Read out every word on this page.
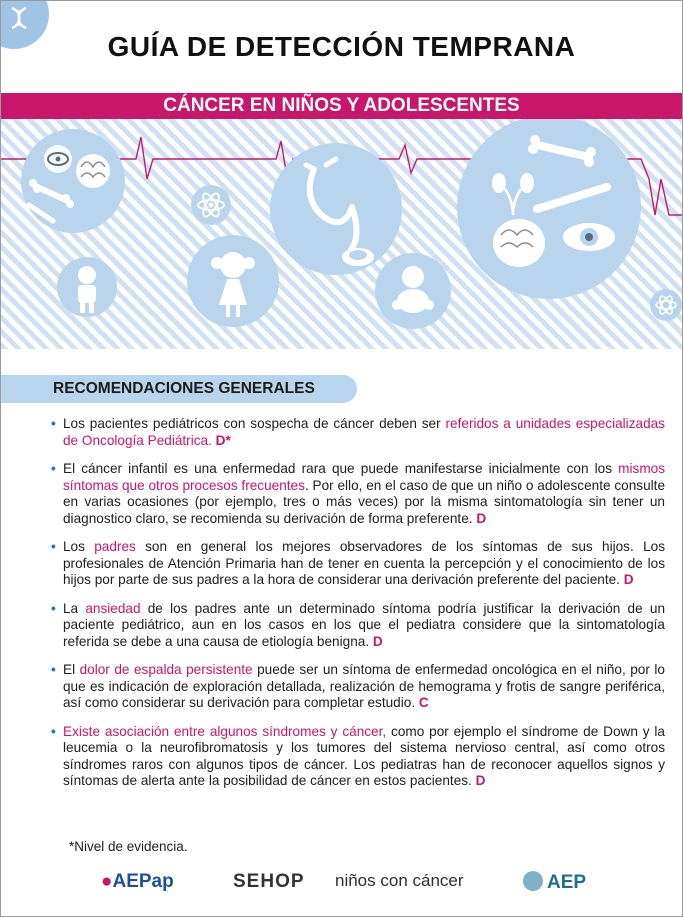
GUÍA DE DETECCIÓN TEMPRANA
CÁNCER EN NIÑOS Y ADOLESCENTES
RECOMENDACIONES GENERALES
• Los pacientes pediátricos con sospecha de cáncer deben ser referidos a unidades especializadas de Oncología Pediátrica. D*
• El cáncer infantil es una enfermedad rara que puede manifestarse inicialmente con los mismos síntomas que otros procesos frecuentes. Por ello, en el caso de que un niño o adolescente consulte en varias ocasiones (por ejemplo, tres o más veces) por la misma sintomatología sin tener un diagnostico claro, se recomienda su derivación de forma preferente. D
• Los padres son en general los mejores observadores de los síntomas de sus hijos. Los profesionales de Atención Primaria han de tener en cuenta la percepción y el conocimiento de los hijos por parte de sus padres a la hora de considerar una derivación preferente del paciente. D
• La ansiedad de los padres ante un determinado síntoma podría justificar la derivación de un paciente pediátrico, aun en los casos en los que el pediatra considere que la sintomatología referida se debe a una causa de etiología benigna. D
• El dolor de espalda persistente puede ser un síntoma de enfermedad oncológica en el niño, por lo que es indicación de exploración detallada, realización de hemograma y frotis de sangre periférica, así como considerar su derivación para completar estudio. C
• Existe asociación entre algunos síndromes y cáncer, como por ejemplo el síndrome de Down y la leucemia o la neurofibromatosis y los tumores del sistema nervioso central, así como otros síndromes raros con algunos tipos de cáncer. Los pediatras han de reconocer aquellos signos y síntomas de alerta ante la posibilidad de cáncer en estos pacientes. D
*Nivel de evidencia.
●AEPap	SEHOP niños con cáncer	AEP
